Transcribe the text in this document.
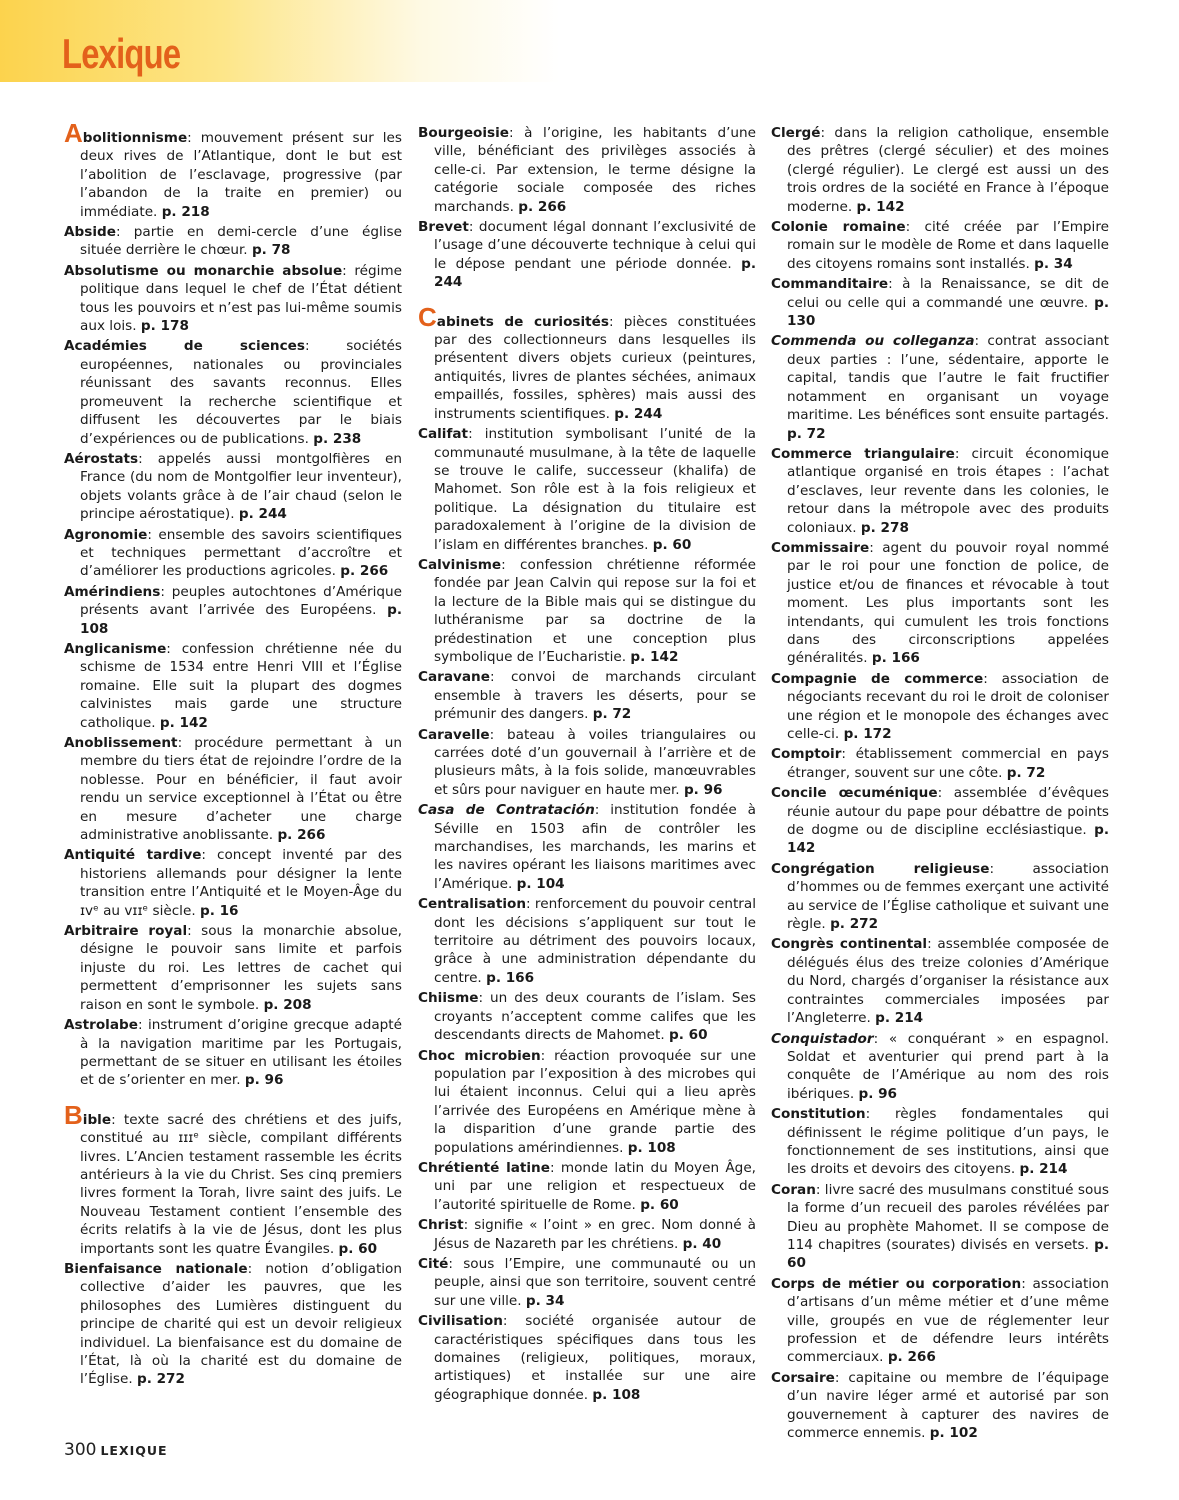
Lexique

Abolitionnisme: mouvement présent sur les deux rives de l’Atlantique, dont le but est l’abolition de l’esclavage, progressive (par l’abandon de la traite en premier) ou immédiate. p. 218

Abside: partie en demi-cercle d’une église située derrière le chœur. p. 78

Absolutisme ou monarchie absolue: régime politique dans lequel le chef de l’État détient tous les pouvoirs et n’est pas lui-même soumis aux lois. p. 178

Académies de sciences: sociétés européennes, nationales ou provinciales réunissant des savants reconnus. Elles promeuvent la recherche scientifique et diffusent les découvertes par le biais d’expériences ou de publications. p. 238

Aérostats: appelés aussi montgolfières en France (du nom de Montgolfier leur inventeur), objets volants grâce à de l’air chaud (selon le principe aérostatique). p. 244

Agronomie: ensemble des savoirs scientifiques et techniques permettant d’accroître et d’améliorer les productions agricoles. p. 266

Amérindiens: peuples autochtones d’Amérique présents avant l’arrivée des Européens. p. 108

Anglicanisme: confession chrétienne née du schisme de 1534 entre Henri VIII et l’Église romaine. Elle suit la plupart des dogmes calvinistes mais garde une structure catholique. p. 142

Anoblissement: procédure permettant à un membre du tiers état de rejoindre l’ordre de la noblesse. Pour en bénéficier, il faut avoir rendu un service exceptionnel à l’État ou être en mesure d’acheter une charge administrative anoblissante. p. 266

Antiquité tardive: concept inventé par des historiens allemands pour désigner la lente transition entre l’Antiquité et le Moyen-Âge du ɪᴠᵉ au ᴠɪɪᵉ siècle. p. 16

Arbitraire royal: sous la monarchie absolue, désigne le pouvoir sans limite et parfois injuste du roi. Les lettres de cachet qui permettent d’emprisonner les sujets sans raison en sont le symbole. p. 208

Astrolabe: instrument d’origine grecque adapté à la navigation maritime par les Portugais, permettant de se situer en utilisant les étoiles et de s’orienter en mer. p. 96

Bible: texte sacré des chrétiens et des juifs, constitué au ɪɪɪᵉ siècle, compilant différents livres. L’Ancien testament rassemble les écrits antérieurs à la vie du Christ. Ses cinq premiers livres forment la Torah, livre saint des juifs. Le Nouveau Testament contient l’ensemble des écrits relatifs à la vie de Jésus, dont les plus importants sont les quatre Évangiles. p. 60

Bienfaisance nationale: notion d’obligation collective d’aider les pauvres, que les philosophes des Lumières distinguent du principe de charité qui est un devoir religieux individuel. La bienfaisance est du domaine de l’État, là où la charité est du domaine de l’Église. p. 272

Bourgeoisie: à l’origine, les habitants d’une ville, bénéficiant des privilèges associés à celle-ci. Par extension, le terme désigne la catégorie sociale composée des riches marchands. p. 266

Brevet: document légal donnant l’exclusivité de l’usage d’une découverte technique à celui qui le dépose pendant une période donnée. p. 244

Cabinets de curiosités: pièces constituées par des collectionneurs dans lesquelles ils présentent divers objets curieux (peintures, antiquités, livres de plantes séchées, animaux empaillés, fossiles, sphères) mais aussi des instruments scientifiques. p. 244

Califat: institution symbolisant l’unité de la communauté musulmane, à la tête de laquelle se trouve le calife, successeur (khalifa) de Mahomet. Son rôle est à la fois religieux et politique. La désignation du titulaire est paradoxalement à l’origine de la division de l’islam en différentes branches. p. 60

Calvinisme: confession chrétienne réformée fondée par Jean Calvin qui repose sur la foi et la lecture de la Bible mais qui se distingue du luthéranisme par sa doctrine de la prédestination et une conception plus symbolique de l’Eucharistie. p. 142

Caravane: convoi de marchands circulant ensemble à travers les déserts, pour se prémunir des dangers. p. 72

Caravelle: bateau à voiles triangulaires ou carrées doté d’un gouvernail à l’arrière et de plusieurs mâts, à la fois solide, manœuvrables et sûrs pour naviguer en haute mer. p. 96

Casa de Contratación: institution fondée à Séville en 1503 afin de contrôler les marchandises, les marchands, les marins et les navires opérant les liaisons maritimes avec l’Amérique. p. 104

Centralisation: renforcement du pouvoir central dont les décisions s’appliquent sur tout le territoire au détriment des pouvoirs locaux, grâce à une administration dépendante du centre. p. 166

Chiisme: un des deux courants de l’islam. Ses croyants n’acceptent comme califes que les descendants directs de Mahomet. p. 60

Choc microbien: réaction provoquée sur une population par l’exposition à des microbes qui lui étaient inconnus. Celui qui a lieu après l’arrivée des Européens en Amérique mène à la disparition d’une grande partie des populations amérindiennes. p. 108

Chrétienté latine: monde latin du Moyen Âge, uni par une religion et respectueux de l’autorité spirituelle de Rome. p. 60

Christ: signifie « l’oint » en grec. Nom donné à Jésus de Nazareth par les chrétiens. p. 40

Cité: sous l’Empire, une communauté ou un peuple, ainsi que son territoire, souvent centré sur une ville. p. 34

Civilisation: société organisée autour de caractéristiques spécifiques dans tous les domaines (religieux, politiques, moraux, artistiques) et installée sur une aire géographique donnée. p. 108

Clergé: dans la religion catholique, ensemble des prêtres (clergé séculier) et des moines (clergé régulier). Le clergé est aussi un des trois ordres de la société en France à l’époque moderne. p. 142

Colonie romaine: cité créée par l’Empire romain sur le modèle de Rome et dans laquelle des citoyens romains sont installés. p. 34

Commanditaire: à la Renaissance, se dit de celui ou celle qui a commandé une œuvre. p. 130

Commenda ou colleganza: contrat associant deux parties : l’une, sédentaire, apporte le capital, tandis que l’autre le fait fructifier notamment en organisant un voyage maritime. Les bénéfices sont ensuite partagés. p. 72

Commerce triangulaire: circuit économique atlantique organisé en trois étapes : l’achat d’esclaves, leur revente dans les colonies, le retour dans la métropole avec des produits coloniaux. p. 278

Commissaire: agent du pouvoir royal nommé par le roi pour une fonction de police, de justice et/ou de finances et révocable à tout moment. Les plus importants sont les intendants, qui cumulent les trois fonctions dans des circonscriptions appelées généralités. p. 166

Compagnie de commerce: association de négociants recevant du roi le droit de coloniser une région et le monopole des échanges avec celle-ci. p. 172

Comptoir: établissement commercial en pays étranger, souvent sur une côte. p. 72

Concile œcuménique: assemblée d’évêques réunie autour du pape pour débattre de points de dogme ou de discipline ecclésiastique. p. 142

Congrégation religieuse: association d’hommes ou de femmes exerçant une activité au service de l’Église catholique et suivant une règle. p. 272

Congrès continental: assemblée composée de délégués élus des treize colonies d’Amérique du Nord, chargés d’organiser la résistance aux contraintes commerciales imposées par l’Angleterre. p. 214

Conquistador: « conquérant » en espagnol. Soldat et aventurier qui prend part à la conquête de l’Amérique au nom des rois ibériques. p. 96

Constitution: règles fondamentales qui définissent le régime politique d’un pays, le fonctionnement de ses institutions, ainsi que les droits et devoirs des citoyens. p. 214

Coran: livre sacré des musulmans constitué sous la forme d’un recueil des paroles révélées par Dieu au prophète Mahomet. Il se compose de 114 chapitres (sourates) divisés en versets. p. 60

Corps de métier ou corporation: association d’artisans d’un même métier et d’une même ville, groupés en vue de réglementer leur profession et de défendre leurs intérêts commerciaux. p. 266

Corsaire: capitaine ou membre de l’équipage d’un navire léger armé et autorisé par son gouvernement à capturer des navires de commerce ennemis. p. 102

300 LEXIQUE
